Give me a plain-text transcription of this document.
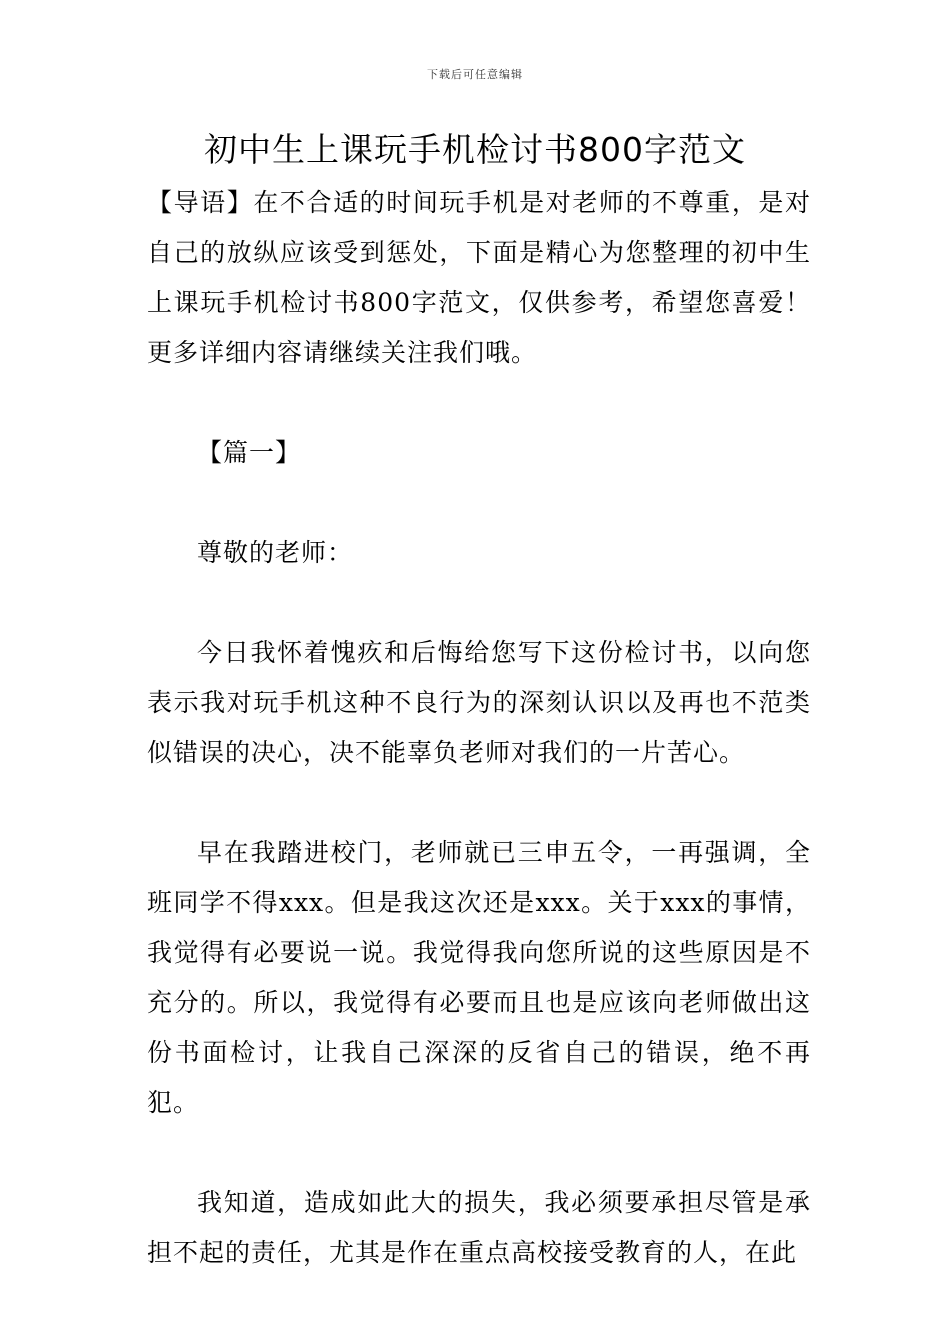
下载后可任意编辑
初中生上课玩手机检讨书800字范文

【导语】在不合适的时间玩手机是对老师的不尊重，是对自己的放纵应该受到惩处，下面是精心为您整理的初中生上课玩手机检讨书800字范文，仅供参考，希望您喜爱！更多详细内容请继续关注我们哦。

【篇一】

尊敬的老师：

今日我怀着愧疚和后悔给您写下这份检讨书，以向您表示我对玩手机这种不良行为的深刻认识以及再也不范类似错误的决心，决不能辜负老师对我们的一片苦心。

早在我踏进校门，老师就已三申五令，一再强调，全班同学不得xxx。但是我这次还是xxx。关于xxx的事情，我觉得有必要说一说。我觉得我向您所说的这些原因是不充分的。所以，我觉得有必要而且也是应该向老师做出这份书面检讨，让我自己深深的反省自己的错误，绝不再犯。

我知道，造成如此大的损失，我必须要承担尽管是承担不起的责任，尤其是作在重点高校接受教育的人，在此
